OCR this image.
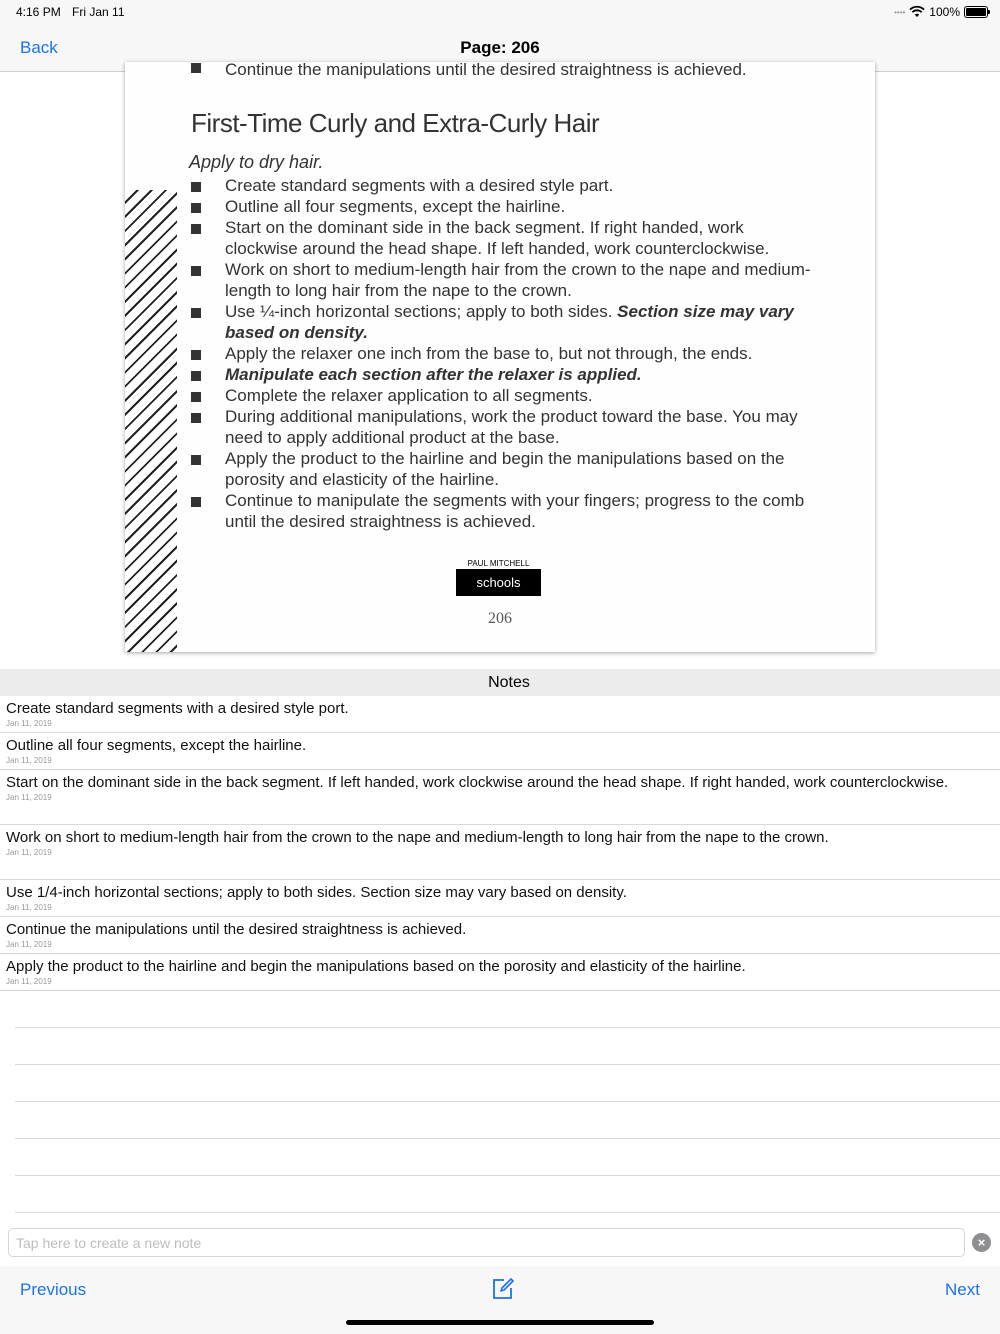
4:16 PM Fri Jan 11	•••• 100%
Back	Page: 206
Continue the manipulations until the desired straightness is achieved.
First-Time Curly and Extra-Curly Hair
Apply to dry hair.
Create standard segments with a desired style part.
Outline all four segments, except the hairline.
Start on the dominant side in the back segment. If right handed, work clockwise around the head shape. If left handed, work counterclockwise.
Work on short to medium-length hair from the crown to the nape and medium-length to long hair from the nape to the crown.
Use ¼-inch horizontal sections; apply to both sides. Section size may vary based on density.
Apply the relaxer one inch from the base to, but not through, the ends.
Manipulate each section after the relaxer is applied.
Complete the relaxer application to all segments.
During additional manipulations, work the product toward the base. You may need to apply additional product at the base.
Apply the product to the hairline and begin the manipulations based on the porosity and elasticity of the hairline.
Continue to manipulate the segments with your fingers; progress to the comb until the desired straightness is achieved.
PAUL MITCHELL
schools
206
Notes
Create standard segments with a desired style port.
Jan 11, 2019
Outline all four segments, except the hairline.
Jan 11, 2019
Start on the dominant side in the back segment. If left handed, work clockwise around the head shape. If right handed, work counterclockwise.
Jan 11, 2019
Work on short to medium-length hair from the crown to the nape and medium-length to long hair from the nape to the crown.
Jan 11, 2019
Use 1/4-inch horizontal sections; apply to both sides. Section size may vary based on density.
Jan 11, 2019
Continue the manipulations until the desired straightness is achieved.
Jan 11, 2019
Apply the product to the hairline and begin the manipulations based on the porosity and elasticity of the hairline.
Jan 11, 2019
Tap here to create a new note
×
Previous	Next
